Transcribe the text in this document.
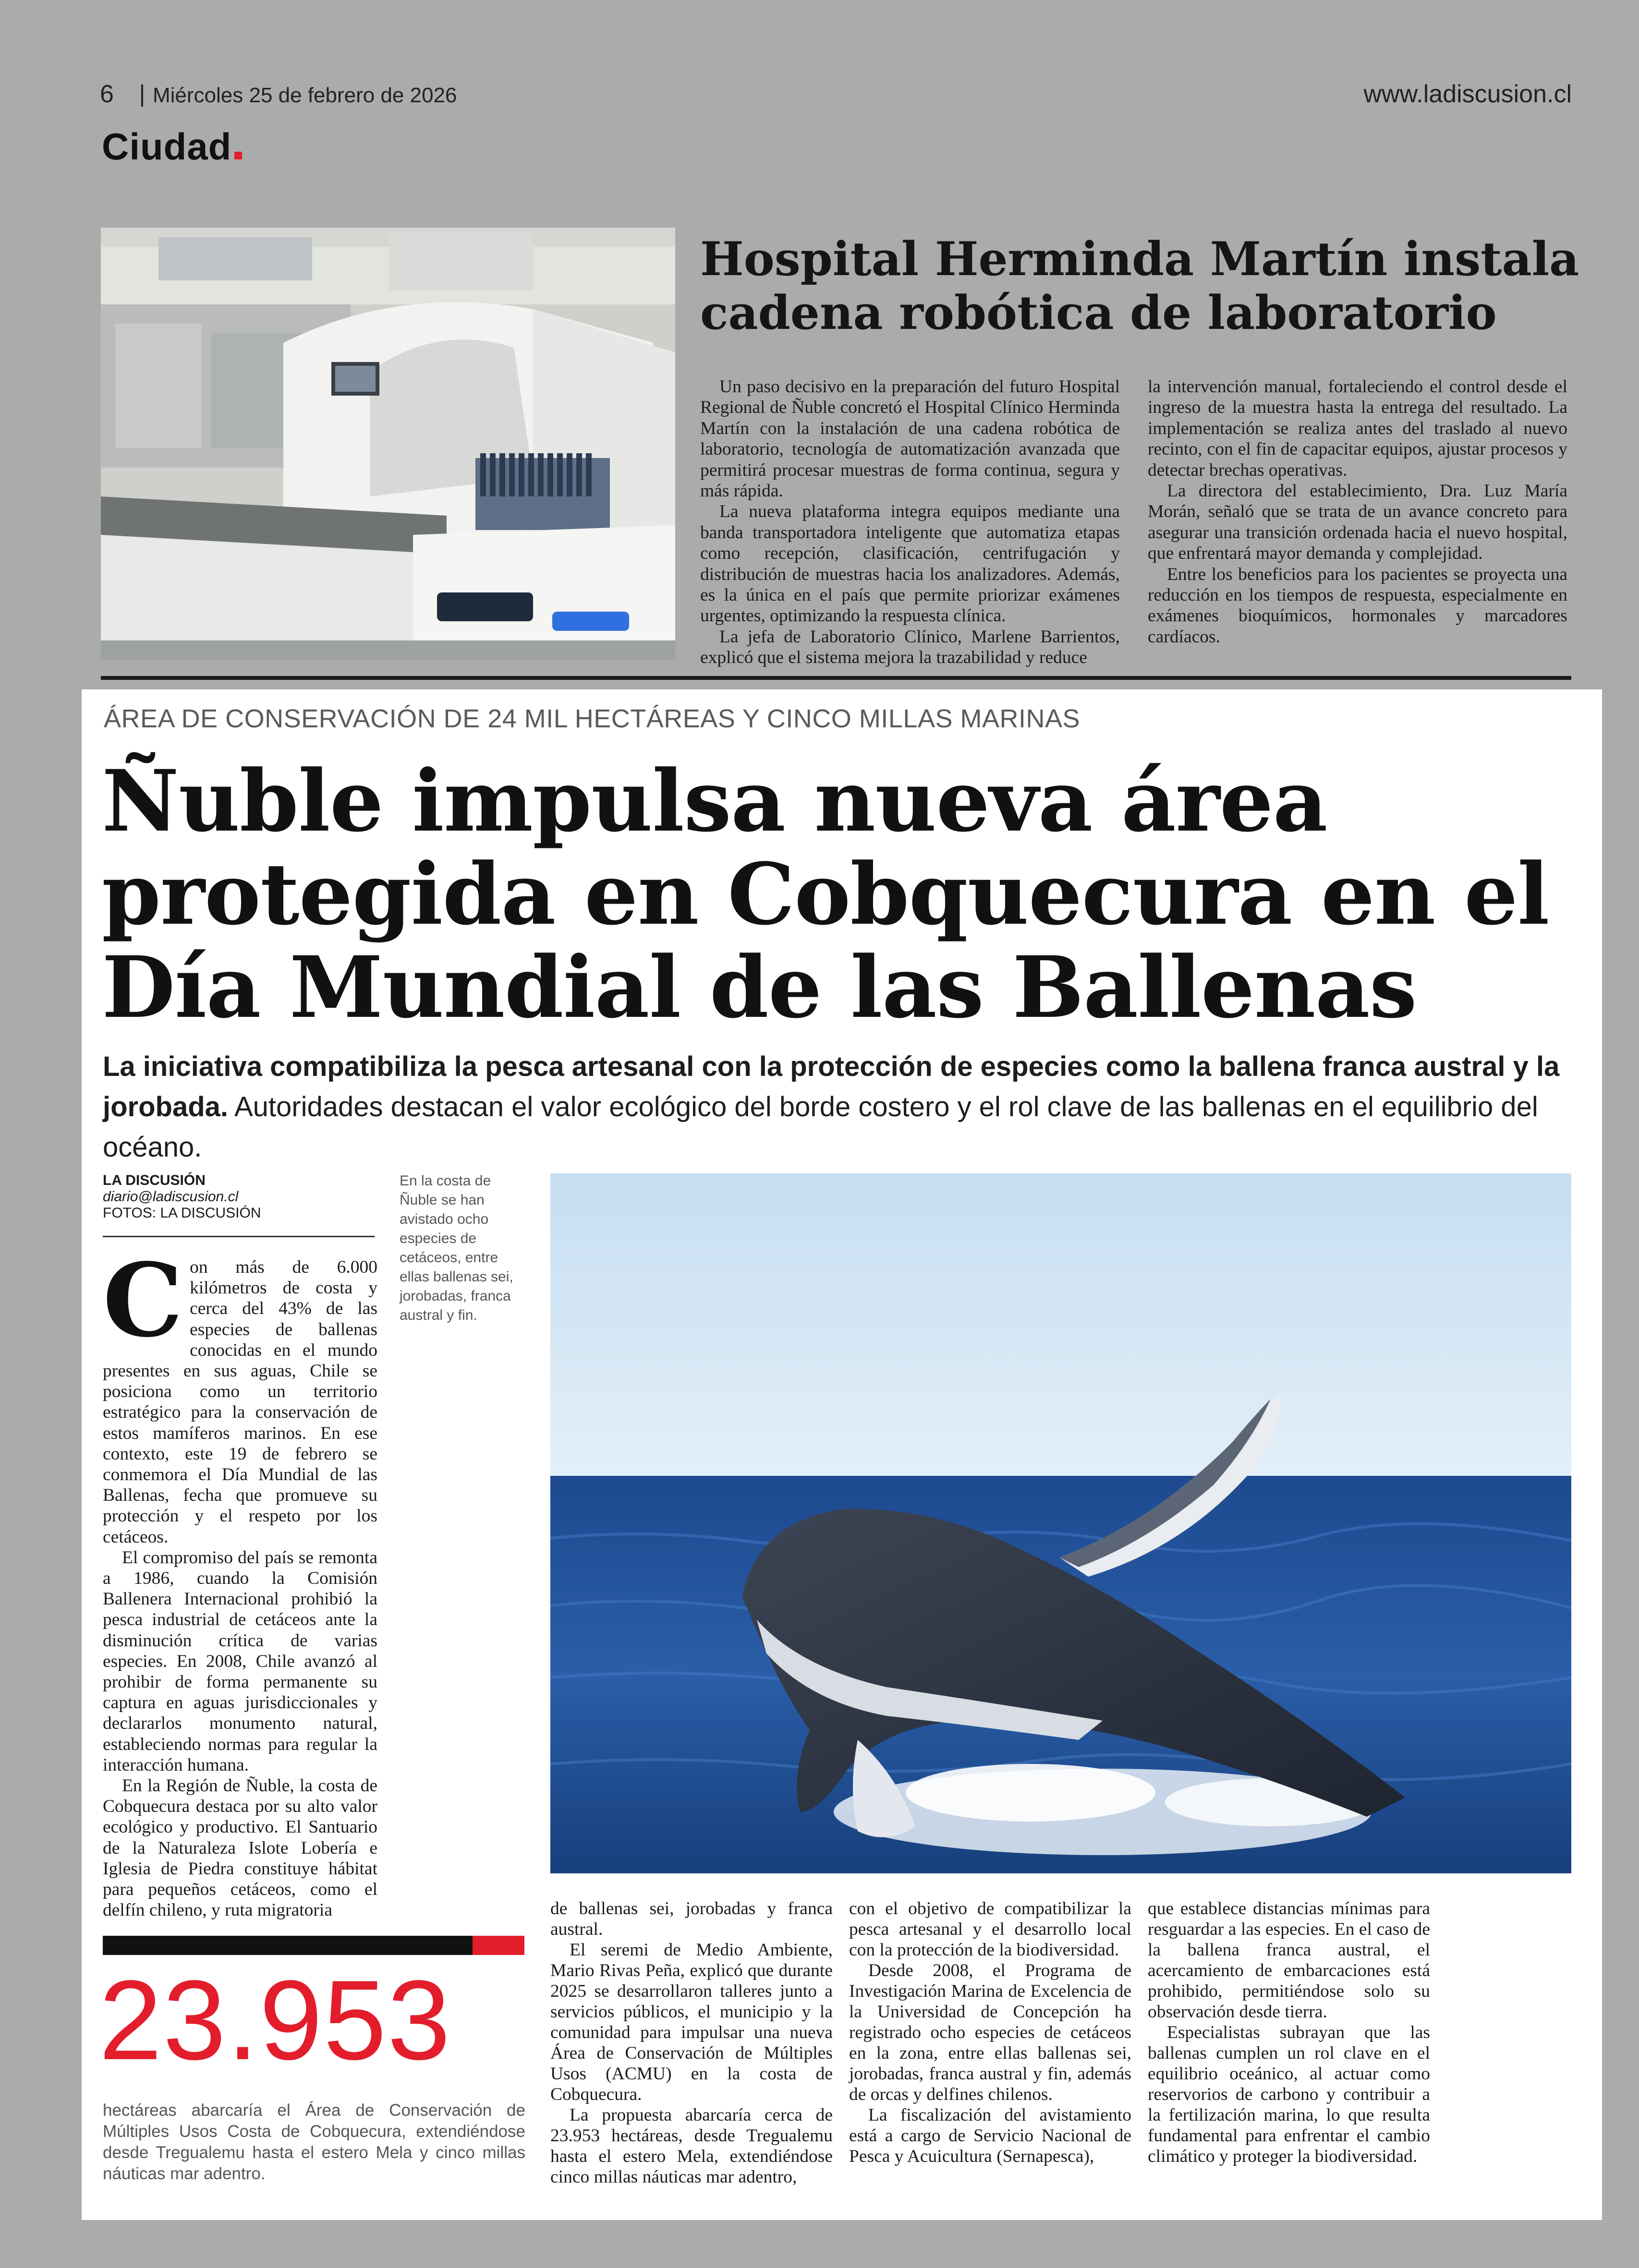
6 Miércoles 25 de febrero de 2026	www.ladiscusion.cl
Ciudad
Hospital Herminda Martín instala cadena robótica de laboratorio

Un paso decisivo en la preparación del futuro Hospital Regional de Ñuble concretó el Hospital Clínico Herminda Martín con la instalación de una cadena robótica de laboratorio, tecnología de automatización avanzada que permitirá procesar muestras de forma continua, segura y más rápida.

La nueva plataforma integra equipos mediante una banda transportadora inteligente que automatiza etapas como recepción, clasificación, centrifugación y distribución de muestras hacia los analizadores. Además, es la única en el país que permite priorizar exámenes urgentes, optimizando la respuesta clínica.

La jefa de Laboratorio Clínico, Marlene Barrientos, explicó que el sistema mejora la trazabilidad y reduce

la intervención manual, fortaleciendo el control desde el ingreso de la muestra hasta la entrega del resultado. La implementación se realiza antes del traslado al nuevo recinto, con el fin de capacitar equipos, ajustar procesos y detectar brechas operativas.

La directora del establecimiento, Dra. Luz María Morán, señaló que se trata de un avance concreto para asegurar una transición ordenada hacia el nuevo hospital, que enfrentará mayor demanda y complejidad.

Entre los beneficios para los pacientes se proyecta una reducción en los tiempos de respuesta, especialmente en exámenes bioquímicos, hormonales y marcadores cardíacos.

ÁREA DE CONSERVACIÓN DE 24 MIL HECTÁREAS Y CINCO MILLAS MARINAS
Ñuble impulsa nueva área protegida en Cobquecura en el Día Mundial de las Ballenas
La iniciativa compatibiliza la pesca artesanal con la protección de especies como la ballena franca austral y la jorobada. Autoridades destacan el valor ecológico del borde costero y el rol clave de las ballenas en el equilibrio del océano.
LA DISCUSIÓN
diario@ladiscusion.cl
FOTOS: LA DISCUSIÓN
En la costa de Ñuble se han avistado ocho especies de cetáceos, entre ellas ballenas sei, jorobadas, franca austral y fin.
C on más de 6.000 kilómetros de costa y cerca del 43% de las especies de ballenas conocidas en el mundo presentes en sus aguas, Chile se posiciona como un territorio estratégico para la conservación de estos mamíferos marinos. En ese contexto, este 19 de febrero se conmemora el Día Mundial de las Ballenas, fecha que promueve su protección y el respeto por los cetáceos.

El compromiso del país se remonta a 1986, cuando la Comisión Ballenera Internacional prohibió la pesca industrial de cetáceos ante la disminución crítica de varias especies. En 2008, Chile avanzó al prohibir de forma permanente su captura en aguas jurisdiccionales y declararlos monumento natural, estableciendo normas para regular la interacción humana.

En la Región de Ñuble, la costa de Cobquecura destaca por su alto valor ecológico y productivo. El Santuario de la Naturaleza Islote Lobería e Iglesia de Piedra constituye hábitat para pequeños cetáceos, como el delfín chileno, y ruta migratoria	de ballenas sei, jorobadas y franca austral.

El seremi de Medio Ambiente, Mario Rivas Peña, explicó que durante 2025 se desarrollaron talleres junto a servicios públicos, el municipio y la comunidad para impulsar una nueva Área de Conservación de Múltiples Usos (ACMU) en la costa de Cobquecura.

La propuesta abarcaría cerca de 23.953 hectáreas, desde Tregualemu hasta el estero Mela, extendiéndose cinco millas náuticas mar adentro,

con el objetivo de compatibilizar la pesca artesanal y el desarrollo local con la protección de la biodiversidad.

Desde 2008, el Programa de Investigación Marina de Excelencia de la Universidad de Concepción ha registrado ocho especies de cetáceos en la zona, entre ellas ballenas sei, jorobadas, franca austral y fin, además de orcas y delfines chilenos.

La fiscalización del avistamiento está a cargo de Servicio Nacional de Pesca y Acuicultura (Sernapesca),

que establece distancias mínimas para resguardar a las especies. En el caso de la ballena franca austral, el acercamiento de embarcaciones está prohibido, permitiéndose solo su observación desde tierra.

Especialistas subrayan que las ballenas cumplen un rol clave en el equilibrio oceánico, al actuar como reservorios de carbono y contribuir a la fertilización marina, lo que resulta fundamental para enfrentar el cambio climático y proteger la biodiversidad.

23.953
hectáreas abarcaría el Área de Conservación de Múltiples Usos Costa de Cobquecura, extendiéndose desde Tregualemu hasta el estero Mela y cinco millas náuticas mar adentro.
